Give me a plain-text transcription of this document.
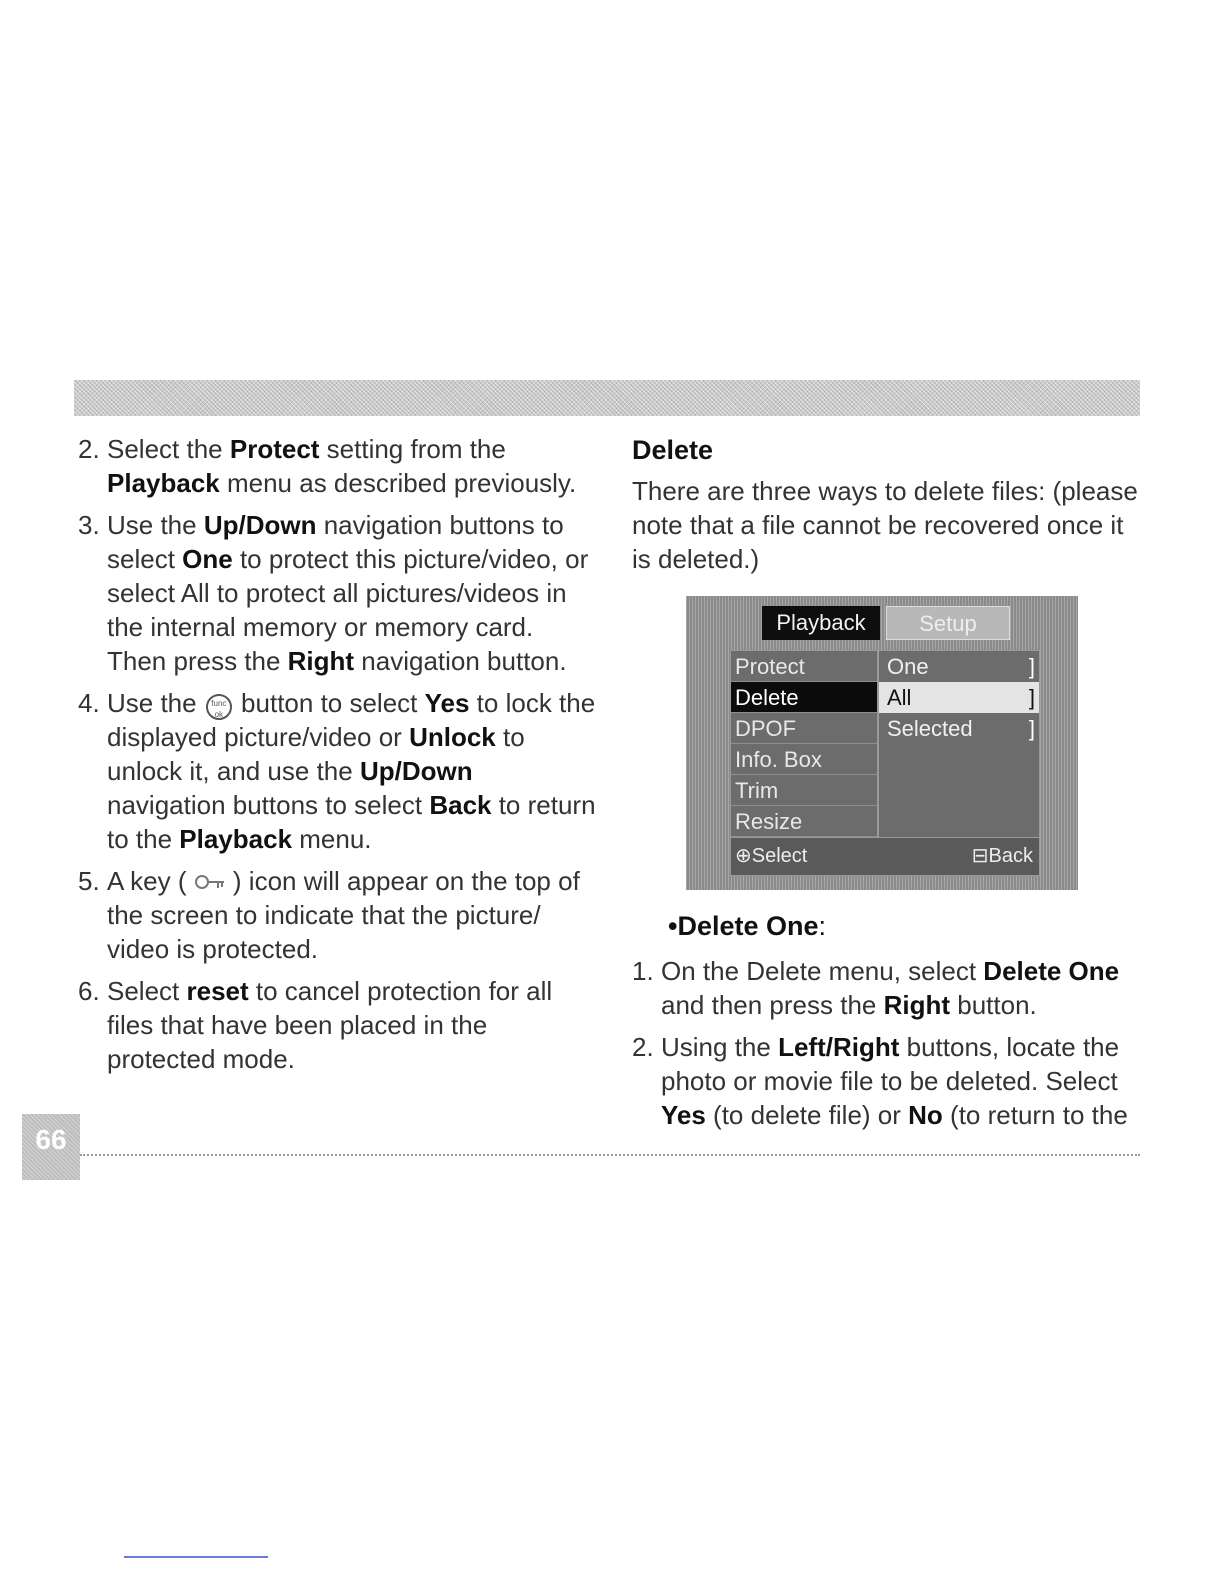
2. Select the Protect setting from the Playback menu as described previously.
3. Use the Up/Down navigation buttons to select One to protect this picture/video, or select All to protect all pictures/videos in the internal memory or memory card. Then press the Right navigation button.
4. Use the func
ok button to select Yes to lock the displayed picture/video or Unlock to unlock it, and use the Up/Down navigation buttons to select Back to return to the Playback menu.
5. A key (
) icon will appear on the top of the screen to indicate that the picture/ video is protected.
6. Select reset to cancel protection for all files that have been placed in the protected mode.
Delete
There are three ways to delete files: (please note that a file cannot be recovered once it is deleted.)
Playback	Setup
Protect
Delete
DPOF
Info. Box
Trim
Resize
One	]
All	]
Selected	]
⊕Select	⊟Back
•Delete One:
1. On the Delete menu, select Delete One and then press the Right button.
2. Using the Left/Right buttons, locate the photo or movie file to be deleted. Select Yes (to delete file) or No (to return to the
66
